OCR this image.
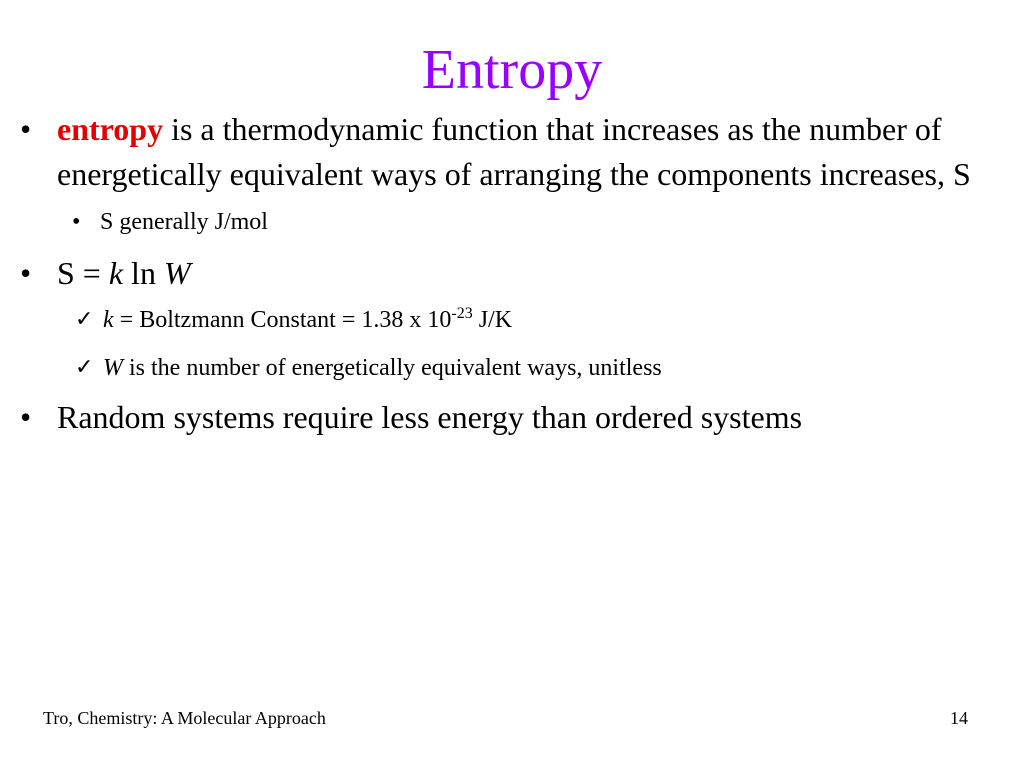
Entropy
• entropy is a thermodynamic function that increases as the number of energetically equivalent ways of arranging the components increases, S
• S generally J/mol
• S = k ln W
✓ k = Boltzmann Constant = 1.38 x $10^{-23}$ J/K
✓ W is the number of energetically equivalent ways, unitless
• Random systems require less energy than ordered systems
Tro, Chemistry: A Molecular Approach	14
